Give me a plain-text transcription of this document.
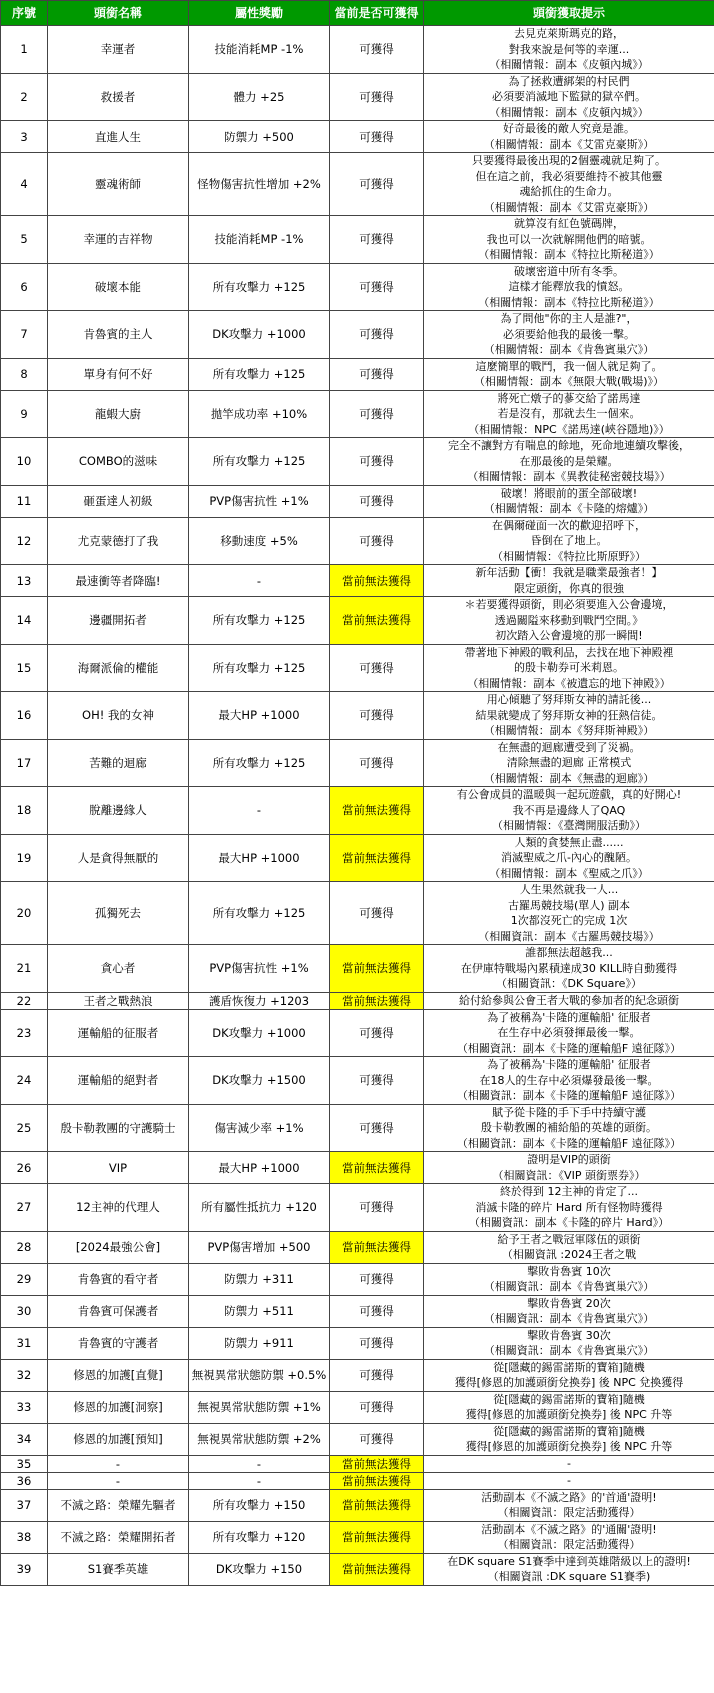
序號	頭銜名稱	屬性獎勵	當前是否可獲得	頭銜獲取提示
1	幸運者	技能消耗MP -1%	可獲得	去見克萊斯瑪克的路，
對我來說是何等的幸運...
（相關情報：副本《皮頓內城》）

2	救援者	體力 +25	可獲得	為了拯救遭綁架的村民們
必須要消滅地下監獄的獄卒們。
（相關情報：副本《皮頓內城》）

3	直進人生	防禦力 +500	可獲得	好奇最後的敵人究竟是誰。
（相關情報：副本《艾雷克豪斯》）

4	靈魂術師	怪物傷害抗性增加 +2%	可獲得	只要獲得最後出現的2個靈魂就足夠了。
但在這之前，我必須要維持不被其他靈
魂給抓住的生命力。
（相關情報：副本《艾雷克豪斯》）

5	幸運的吉祥物	技能消耗MP -1%	可獲得	就算沒有紅色號碼牌，
我也可以一次就解開他們的暗號。
（相關情報：副本《特拉比斯秘道》）

6	破壞本能	所有攻擊力 +125	可獲得	破壞密道中所有冬季。
這樣才能釋放我的憤怒。
（相關情報：副本《特拉比斯秘道》）

7	肯魯賓的主人	DK攻擊力 +1000	可獲得	為了問他"你的主人是誰?"，
必須要給他我的最後一擊。
（相關情報：副本《肯魯賓巢穴》）

8	單身有何不好	所有攻擊力 +125	可獲得	這麼簡單的戰鬥，我一個人就足夠了。
（相關情報：副本《無限大戰(戰場)》）

9	龍蝦大廚	拋竿成功率 +10%	可獲得	將死亡燉子的蔘交給了諾馬達
若是沒有，那就去生一個來。
（相關情報：NPC《諾馬達(峽谷隱地)》）

10	COMBO的滋味	所有攻擊力 +125	可獲得	完全不讓對方有喘息的餘地，死命地連續攻擊後，
在那最後的是榮耀。
（相關情報：副本《異教徒秘密競技場》）

11	砸蛋達人初級	PVP傷害抗性 +1%	可獲得	破壞！將眼前的蛋全部破壞!
（相關情報：副本《卡隆的熔爐》）

12	尤克蒙德打了我	移動速度 +5%	可獲得	在偶爾碰面一次的歡迎招呼下，
昏倒在了地上。
（相關情報：《特拉比斯原野》）

13	最速衝等者降臨!	-	當前無法獲得	新年活動【衝！我就是職業最強者！】
限定頭銜，你真的很強

14	邊疆開拓者	所有攻擊力 +125	當前無法獲得	＊若要獲得頭銜，則必須要進入公會邊境，
透過關隘來移動到戰鬥空間。》
初次踏入公會邊境的那一瞬間!

15	海爾派倫的權能	所有攻擊力 +125	可獲得	帶著地下神殿的戰利品，去找在地下神殿裡
的殷卡勒券可米莉恩。
（相關情報：副本《被遺忘的地下神殿》）

16	OH! 我的女神	最大HP +1000	可獲得	用心傾聽了努拜斯女神的請託後...
結果就變成了努拜斯女神的狂熱信徒。
（相關情報：副本《努拜斯神殿》）

17	苦難的迴廊	所有攻擊力 +125	可獲得	在無盡的迴廊遭受到了災禍。
清除無盡的迴廊 正常模式
（相關情報：副本《無盡的迴廊》）

18	脫離邊緣人	-	當前無法獲得	有公會成員的溫暖與一起玩遊戲，真的好開心!
我不再是邊緣人了QAQ
（相關情報：《臺灣開服活動》）

19	人是貪得無厭的	最大HP +1000	當前無法獲得	人類的貪婪無止盡......
消滅聖威之爪-內心的醜陋。
（相關情報：副本《聖威之爪》）

20	孤獨死去	所有攻擊力 +125	可獲得	人生果然就我一人...
古羅馬競技場(單人) 副本
1次都沒死亡的完成 1次
（相關資訊：副本《古羅馬競技場》）

21	貪心者	PVP傷害抗性 +1%	當前無法獲得	誰都無法超越我...
在伊庫特戰場內累積達成30 KILL時自動獲得
（相關資訊：《DK Square》）

22	王者之戰熱浪	護盾恢復力 +1203	當前無法獲得	給付給參與公會王者大戰的參加者的紀念頭銜

23	運輸船的征服者	DK攻擊力 +1000	可獲得	為了被稱為'卡隆的運輸船' 征服者
在生存中必須發揮最後一擊。
（相關資訊：副本《卡隆的運輸船F 遠征隊》）

24	運輸船的絕對者	DK攻擊力 +1500	可獲得	為了被稱為'卡隆的運輸船' 征服者
在18人的生存中必須爆發最後一擊。
（相關資訊：副本《卡隆的運輸船F 遠征隊》）

25	殷卡勒教團的守護騎士	傷害減少率 +1%	可獲得	賦予從卡隆的手下手中持續守護
殷卡勒教團的補給船的英雄的頭銜。
（相關資訊：副本《卡隆的運輸船F 遠征隊》）

26	VIP	最大HP +1000	當前無法獲得	證明是VIP的頭銜
（相關資訊：《VIP 頭銜票券》）

27	12主神的代理人	所有屬性抵抗力 +120	可獲得	終於得到 12主神的肯定了...
消滅卡隆的碎片 Hard 所有怪物時獲得
（相關資訊：副本《卡隆的碎片 Hard》）

28	[2024最強公會]	PVP傷害增加 +500	當前無法獲得	給予王者之戰冠軍隊伍的頭銜
（相關資訊 :2024王者之戰

29	肯魯賓的看守者	防禦力 +311	可獲得	擊敗肯魯賓 10次
（相關資訊：副本《肯魯賓巢穴》）

30	肯魯賓可保護者	防禦力 +511	可獲得	擊敗肯魯賓 20次
（相關資訊：副本《肯魯賓巢穴》）

31	肯魯賓的守護者	防禦力 +911	可獲得	擊敗肯魯賓 30次
（相關資訊：副本《肯魯賓巢穴》）

32	修恩的加護[直覺]	無視異常狀態防禦 +0.5%	可獲得	從[隱藏的錫雷諾斯的寶箱]隨機
獲得[修恩的加護頭銜兌換券] 後 NPC 兌換獲得

33	修恩的加護[洞察]	無視異常狀態防禦 +1%	可獲得	從[隱藏的錫雷諾斯的寶箱]隨機
獲得[修恩的加護頭銜兌換券] 後 NPC 升等

34	修恩的加護[預知]	無視異常狀態防禦 +2%	可獲得	從[隱藏的錫雷諾斯的寶箱]隨機
獲得[修恩的加護頭銜兌換券] 後 NPC 升等

35	-	-	當前無法獲得	-

36	-	-	當前無法獲得	-

37	不滅之路：榮耀先驅者	所有攻擊力 +150	當前無法獲得	活動副本《不滅之路》的'首通'證明!
（相關資訊：限定活動獲得）

38	不滅之路：榮耀開拓者	所有攻擊力 +120	當前無法獲得	活動副本《不滅之路》的'通關'證明!
（相關資訊：限定活動獲得）

39	S1賽季英雄	DK攻擊力 +150	當前無法獲得	在DK square S1賽季中達到英雄階級以上的證明!
（相關資訊 :DK square S1賽季)
